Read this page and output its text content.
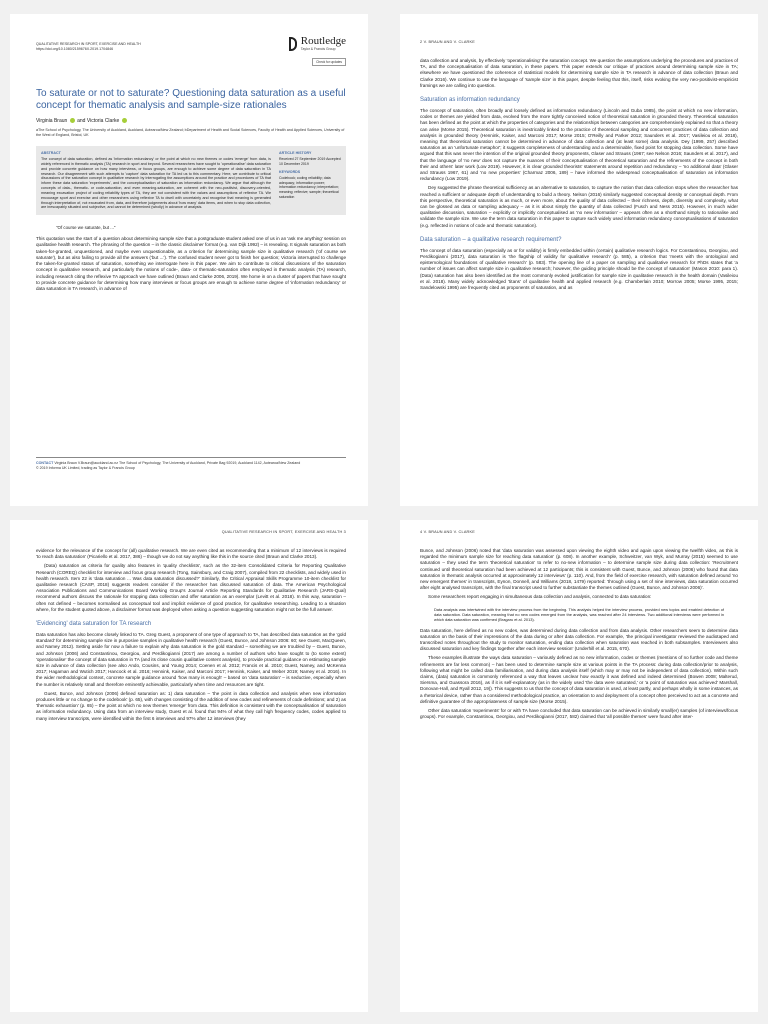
QUALITATIVE RESEARCH IN SPORT, EXERCISE AND HEALTH
https://doi.org/10.1080/2159676X.2019.1704846
Routledge
Taylor & Francis Group
Check for updates
To saturate or not to saturate? Questioning data saturation as a useful concept for thematic analysis and sample-size rationales
Virginia Braun and Victoria Clarke
aThe School of Psychology, The University of Auckland, Auckland, Aotearoa/New Zealand; bDepartment of Health and Social Sciences, Faculty of Health and Applied Sciences, University of the West of England, Bristol, UK
ABSTRACT

The concept of data saturation, defined as 'information redundancy' or the point at which no new themes or codes 'emerge' from data, is widely referenced in thematic analysis (TA) research in sport and beyond. Several researchers have sought to 'operationalise' data saturation and provide concrete guidance on how many interviews, or focus groups, are enough to achieve some degree of data saturation in TA research. Our disagreement with such attempts to 'capture' data saturation for TA led us to this commentary. Here, we contribute to critical discussions of the saturation concept in qualitative research by interrogating the assumptions around the practice and procedures of TA that inform these data saturation 'experiments', and the conceptualisation of saturation as information redundancy. We argue that although the concepts of data-, thematic- or code-saturation, and even meaning-saturation, are coherent with the neo-positivist, discovery-oriented, meaning excavation project of coding reliability types of TA, they are not consistent with the values and assumptions of reflexive TA. We encourage sport and exercise and other researchers using reflexive TA to dwell with uncertainty and recognise that meaning is generated through interpretation of, not excavated from, data, and therefore judgements about 'how many' data items, and when to stop data collection, are inescapably situated and subjective, and cannot be determined (wholly) in advance of analysis.

ARTICLE HISTORY

Received 27 September 2019 Accepted 10 December 2019

KEYWORDS

Codebook; coding reliability; data adequacy; information power; information redundancy; interpretation; meaning; reflexive; sample; theoretical saturation

"Of course we saturate, but ..."

This quotation was the start of a question about determining sample size that a postgraduate student asked one of us in an 'ask me anything' session on qualitative health research. The phrasing of the question – in the classic disclaimer format (e.g. van Dijk 1992) – is revealing. It signals saturation as both taken-for-granted, unquestioned, and maybe even unquestionable, as a criterion for determining sample size in qualitative research ('of course we saturate'), but as also failing to provide all the answers ('but ...'). The confused student never got to finish her question; Victoria interrupted to challenge the taken-for-granted status of saturation, something we interrogate here in this paper. We aim to contribute to critical discussions of the saturation concept in qualitative research, and particularly the notions of code-, data- or thematic-saturation often employed in thematic analysis (TA) research, including research citing the reflexive TA approach we have outlined (Braun and Clarke 2006, 2019). We home in on a cluster of papers that have sought to provide concrete guidance for determining how many interviews or focus groups are enough to achieve some degree of 'information redundancy' or data saturation in TA research, in advance of

CONTACT Virginia Braun V.Braun@auckland.ac.nz The School of Psychology, The University of Auckland, Private Bag 92019, Auckland 1142, Aotearoa/New Zealand
© 2019 Informa UK Limited, trading as Taylor & Francis Group
2 V. BRAUN AND V. CLARKE

data collection and analysis, by effectively 'operationalising' the saturation concept. We question the assumptions underlying the procedures and practices of TA, and the conceptualisation of data saturation, in these papers. This paper extends our critique of practices around determining sample size in TA; elsewhere we have questioned the coherence of statistical models for determining sample size in TA research in advance of data collection (Braun and Clarke 2016). We continue to use the language of 'sample size' in this paper, despite feeling that this, itself, risks evoking the very neo-positivist-empiricist framings we are calling into question.

Saturation as information redundancy

The concept of saturation, often broadly and loosely defined as information redundancy (Lincoln and Guba 1985), the point at which no new information, codes or themes are yielded from data, evolved from the more tightly conceived notion of theoretical saturation in grounded theory. Theoretical saturation has been defined as the point at which the properties of categories and the relationships between categories are comprehensively explained so that a theory can arise (Morse 2015). Theoretical saturation is inextricably linked to the practice of theoretical sampling and concurrent practices of data collection and analysis in grounded theory (Hennink, Kaiser, and Marconi 2017; Morse 2015; O'Reilly and Parker 2012; Saunders et al. 2017; Vasileiou et al. 2018), meaning that theoretical saturation cannot be determined in advance of data collection and (at least some) data analysis. Dey (1999, 257) described saturation as an 'unfortunate metaphor'; it suggests completeness of understanding and a determinable, fixed point for stopping data collection. Some have argued that this was never the intention of the original grounded theory proponents, Glaser and Strauss (1967; see Nelson 2016; Saunders et al. 2017), and that the language of 'no new' does not capture the nuances of their conceptualisation of theoretical saturation and the refinements of the concept in both their and others' later work (Low 2019). However, it is clear grounded theorists' statements around repetition and redundancy – 'no additional data' (Glaser and Strauss 1967, 61) and 'no new properties' (Charmaz 2006, 189) – have informed the widespread conceptualisation of saturation as information redundancy (Low 2019).

Dey suggested the phrase theoretical sufficiency as an alternative to saturation, to capture the notion that data collection stops when the researcher has reached a sufficient or adequate depth of understanding to build a theory. Nelson (2016) similarly suggested conceptual density or conceptual depth. From this perspective, theoretical saturation is as much, or even more, about the quality of data collected – their richness, depth, diversity and complexity, what can be glossed as data or sampling adequacy – as it is about simply the quantity of data collected (Fusch and Ness 2015). However, in much wider qualitative discussion, saturation – explicitly or implicitly conceptualised as 'no new information' – appears often as a shorthand simply to rationalise and validate the sample size. We use the term data saturation in this paper to capture such widely used information redundancy conceptualisations of saturation (e.g. reflected in notions of code and thematic saturation).

Data saturation – a qualitative research requirement?

The concept of data saturation (especially as or for validity) is firmly embedded within (certain) qualitative research logics. For Constantinou, Georgiou, and Perdikogianni (2017), data saturation is 'the flagship of validity for qualitative research' (p. 585), a criterion that 'meets with the ontological and epistemological foundations of qualitative research' (p. 583). The opening line of a paper on sampling and qualitative research for PhDs states that 'a number of issues can affect sample size in qualitative research; however, the guiding principle should be the concept of saturation' (Mason 2010: para 1). (Data) saturation has also been identified as the most commonly evoked justification for sample size in qualitative research in the health domain (Vasileiou et al. 2018). Many widely acknowledged 'titans' of qualitative health and applied research (e.g. Chamberlain 2010; Morrow 2005; Morse 1995, 2015; Sandelowski 1995) are frequently cited as proponents of saturation, and as

QUALITATIVE RESEARCH IN SPORT, EXERCISE AND HEALTH 3

evidence for the relevance of the concept for (all) qualitative research. We are even cited as recommending that a minimum of 12 interviews is required 'to reach data saturation' (Picariello et al. 2017, 386) – though we do not say anything like this in the source cited (Braun and Clarke 2013).

(Data) saturation as criteria for quality also features in 'quality checklists', such as the 32-item Consolidated Criteria for Reporting Qualitative Research (COREQ) checklist for interview and focus group research (Tong, Sainsbury, and Craig 2007), compiled from 22 checklists, and widely used in health research. Item 22 is 'data saturation ... Was data saturation discussed?' Similarly, the Critical Appraisal Skills Programme 10-item checklist for qualitative research (CASP, 2018) suggests readers consider if the researcher has discussed saturation of data. The American Psychological Association Publications and Communications Board Working Group's Journal Article Reporting Standards for Qualitative Research (JARS-Qual) recommend authors discuss the rationale for stopping data collection and offer saturation as an exemplar (Levitt et al. 2018). In this way, saturation – often not defined – becomes normalised as conceptual tool and implicit evidence of good practice, for qualitative researching. Leading to a situation where, for the student quoted above, a disclaimer format was deployed when asking a question suggesting saturation might not be the full answer.

'Evidencing' data saturation for TA research

Data saturation has also become closely linked to TA. Greg Guest, a proponent of one type of approach to TA, has described data saturation as the 'gold standard' for determining sample size in purposive samples in qualitative health research (Guest, Bunce, and Johnson 2006: 60; see Guest, MacQueen, and Namey 2012). Setting aside for now a failure to explain why data saturation is the gold standard – something we are troubled by – Guest, Bunce, and Johnson (2006) and Constantinou, Georgiou, and Perdikogianni (2017) are among a number of authors who have sought to (to some extent) 'operationalise' the concept of data saturation in TA (and its close cousin qualitative content analysis), to provide practical guidance on estimating sample size in advance of data collection (see also Ando, Cousins, and Young 2014; Coenen et al. 2012; Francis et al. 2010; Guest, Namey, and McKenna 2017; Hagaman and Wutich 2017; Hancock et al. 2016; Hennink, Kaiser, and Marconi 2017; Hennink, Kaiser, and Weber 2019; Namey et al. 2016). In the wider methodological context, concrete sample guidance around 'how many is enough' – based on 'data saturation' – is seductive, especially when the number is relatively small and therefore eminently achievable, particularly when time and resources are tight.

Guest, Bunce, and Johnson (2006) defined saturation as: 1) data saturation – 'the point in data collection and analysis when new information produces little or no change to the codebook' (p. 65), with changes consisting of the addition of new codes and refinements of code definitions; and 2) as 'thematic exhaustion' (p. 65) – the point at which no new themes 'emerge' from data. This definition is consistent with the conceptualisation of saturation as information redundancy. Using data from an interview study, Guest et al. found that 94% of what they call high frequency codes, codes applied to many interview transcripts, were identified within the first 6 interviews and 97% after 12 interviews (they

4 V. BRAUN AND V. CLARKE

Bunce, and Johnson (2006) noted that 'data saturation was assessed upon viewing the eighth video and again upon viewing the twelfth video, as this is regarded the minimum sample size for reaching data saturation' (p. 608). In another example, Schweitzer, van Wyk, and Murray (2015) seemed to use saturation – they used the term 'theoretical saturation' to refer to no-new information – to determine sample size during data collection: 'Recruitment continued until theoretical saturation had been achieved at 12 participants; this is consistent with Guest, Bunce, and Johnson (2006) who found that data saturation in thematic analysis occurred at approximately 12 interviews' (p. 110). And, from the field of exercise research, with saturation defined around 'no new emergent themes' in transcripts, Eynon, Donnell, and Williams (2018, 1479) reported: 'through using a set of nine interviews, data saturation occurred after eight analysed transcripts, with the final transcript used to further substantiate the themes outlined (Guest, Bunce, and Johnson 2006)'.

Some researchers report engaging in simultaneous data collection and analysis, connected to data saturation:

Data analysis was intertwined with the interview process from the beginning. This analysis helped the interview process, provided new topics and enabled detection of data saturation. Data saturation, meaning that no new codes emerged from the analysis, was reached after 24 interviews. Two additional interviews were performed in which data saturation was confirmed (Bragaru et al. 2013).

Data saturation, here defined as no new codes, was determined during data collection and from data analysis. Other researchers seem to determine data saturation on the basis of their impressions of the data during or after data collection. For example, 'the principal investigator reviewed the audiotaped and transcribed notes throughout the study to monitor saturation, ending data collection when saturation was reached in both subsamples. Interviewers also discussed saturation and key findings together after each interview session' (Underhill et al. 2015, 670).

These examples illustrate the ways data saturation – variously defined as no new information, codes or themes (mentions of no further code and theme refinements are far less common) – has been used to determine sample size at various points in the TA process: during data collection/prior to analysis, following what might be called data familiarisation, and during data analysis itself (which may or may not be independent of data collection). Within such claims, (data) saturation is commonly referenced a way that leaves unclear how exactly it was defined and indeed determined (Bowen 2008; Malterud, Siersma, and Guassora 2016), as if it is self-explanatory (as in the widely used 'the data were saturated,' or 'a point of saturation was achieved' Marshall, Donovan-Hall, and Ryall 2012, 19)). This suggests to us that the concept of data saturation is used, at least partly, and perhaps wholly in some instances, as a rhetorical device, rather than a considered methodological practice, an orientation to and deployment of a concept often perceived to act as a concrete and definitive guarantee of the appropriateness of sample size (Morse 2015).

Other data saturation 'experiments' for or with TA have concluded that data saturation can be achieved in similarly small(er) samples (of interviews/focus groups). For example, Constantinou, Georgiou, and Perdikogianni (2017, 582) claimed that 'all possible themes' were found after inter-
